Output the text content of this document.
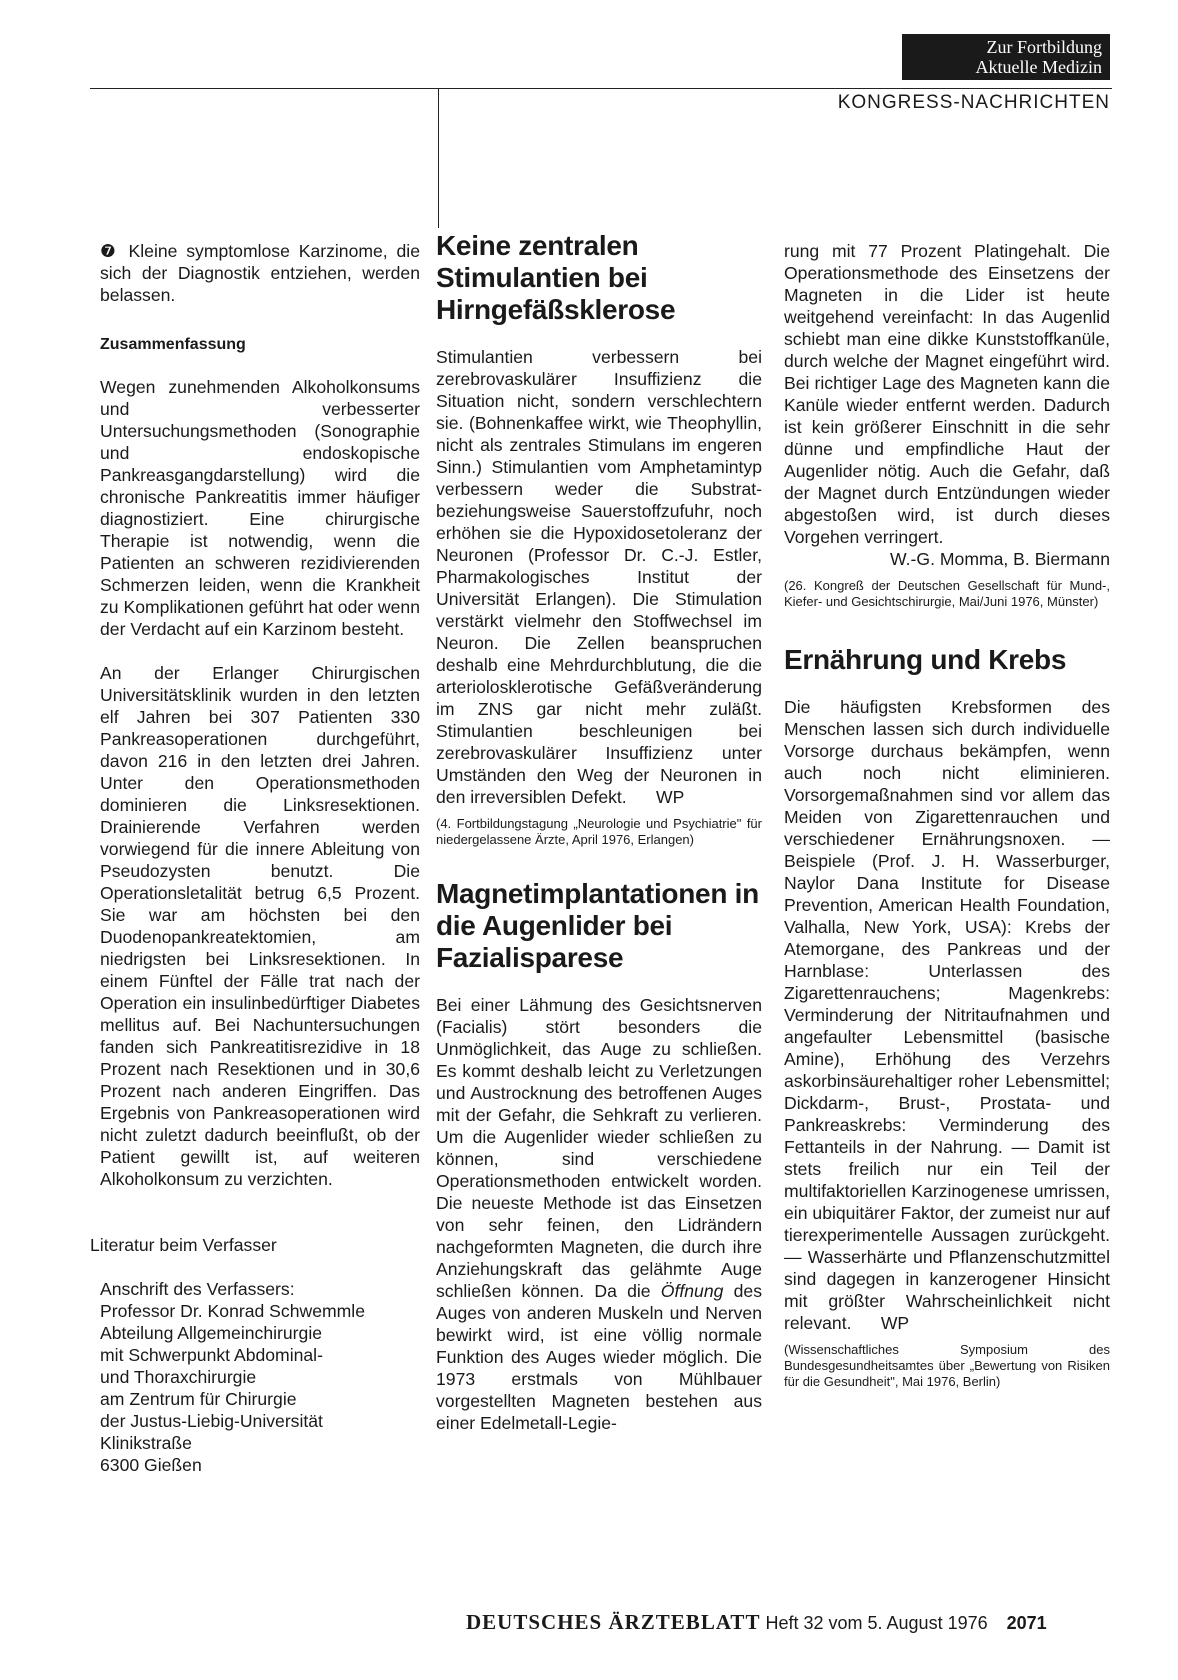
Zur Fortbildung
Aktuelle Medizin
KONGRESS-NACHRICHTEN

❼ Kleine symptomlose Karzinome, die sich der Diagnostik entziehen, werden belassen.

Zusammenfassung

Wegen zunehmenden Alkoholkonsums und verbesserter Untersuchungsmethoden (Sonographie und endoskopische Pankreasgangdarstellung) wird die chronische Pankreatitis immer häufiger diagnostiziert. Eine chirurgische Therapie ist notwendig, wenn die Patienten an schweren rezidivierenden Schmerzen leiden, wenn die Krankheit zu Komplikationen geführt hat oder wenn der Verdacht auf ein Karzinom besteht.

An der Erlanger Chirurgischen Universitätsklinik wurden in den letzten elf Jahren bei 307 Patienten 330 Pankreasoperationen durchgeführt, davon 216 in den letzten drei Jahren. Unter den Operationsmethoden dominieren die Linksresektionen. Drainierende Verfahren werden vorwiegend für die innere Ableitung von Pseudozysten benutzt. Die Operationsletalität betrug 6,5 Prozent. Sie war am höchsten bei den Duodenopankreatektomien, am niedrigsten bei Linksresektionen. In einem Fünftel der Fälle trat nach der Operation ein insulinbedürftiger Diabetes mellitus auf. Bei Nachuntersuchungen fanden sich Pankreatitisrezidive in 18 Prozent nach Resektionen und in 30,6 Prozent nach anderen Eingriffen. Das Ergebnis von Pankreasoperationen wird nicht zuletzt dadurch beeinflußt, ob der Patient gewillt ist, auf weiteren Alkoholkonsum zu verzichten.

Literatur beim Verfasser

Anschrift des Verfassers:

Professor Dr. Konrad Schwemmle

Abteilung Allgemeinchirurgie

mit Schwerpunkt Abdominal-

und Thoraxchirurgie

am Zentrum für Chirurgie

der Justus-Liebig-Universität

Klinikstraße

6300 Gießen

Keine zentralen Stimulantien bei Hirngefäßsklerose

Stimulantien verbessern bei zerebrovaskulärer Insuffizienz die Situation nicht, sondern verschlechtern sie. (Bohnenkaffee wirkt, wie Theophyllin, nicht als zentrales Stimulans im engeren Sinn.) Stimulantien vom Amphetamintyp verbessern weder die Substrat- beziehungsweise Sauerstoffzufuhr, noch erhöhen sie die Hypoxidosetoleranz der Neuronen (Professor Dr. C.-J. Estler, Pharmakologisches Institut der Universität Erlangen). Die Stimulation verstärkt vielmehr den Stoffwechsel im Neuron. Die Zellen beanspruchen deshalb eine Mehrdurchblutung, die die arteriolosklerotische Gefäßveränderung im ZNS gar nicht mehr zuläßt. Stimulantien beschleunigen bei zerebrovaskulärer Insuffizienz unter Umständen den Weg der Neuronen in den irreversiblen Defekt. WP

(4. Fortbildungstagung „Neurologie und Psychiatrie" für niedergelassene Ärzte, April 1976, Erlangen)

Magnetimplantationen in die Augenlider bei Fazialisparese

Bei einer Lähmung des Gesichtsnerven (Facialis) stört besonders die Unmöglichkeit, das Auge zu schließen. Es kommt deshalb leicht zu Verletzungen und Austrocknung des betroffenen Auges mit der Gefahr, die Sehkraft zu verlieren. Um die Augenlider wieder schließen zu können, sind verschiedene Operationsmethoden entwickelt worden. Die neueste Methode ist das Einsetzen von sehr feinen, den Lidrändern nachgeformten Magneten, die durch ihre Anziehungskraft das gelähmte Auge schließen können. Da die Öffnung des Auges von anderen Muskeln und Nerven bewirkt wird, ist eine völlig normale Funktion des Auges wieder möglich. Die 1973 erstmals von Mühlbauer vorgestellten Magneten bestehen aus einer Edelmetall-Legie-

rung mit 77 Prozent Platingehalt. Die Operationsmethode des Einsetzens der Magneten in die Lider ist heute weitgehend vereinfacht: In das Augenlid schiebt man eine dikke Kunststoffkanüle, durch welche der Magnet eingeführt wird. Bei richtiger Lage des Magneten kann die Kanüle wieder entfernt werden. Dadurch ist kein größerer Einschnitt in die sehr dünne und empfindliche Haut der Augenlider nötig. Auch die Gefahr, daß der Magnet durch Entzündungen wieder abgestoßen wird, ist durch dieses Vorgehen verringert.

W.-G. Momma, B. Biermann

(26. Kongreß der Deutschen Gesellschaft für Mund-, Kiefer- und Gesichtschirurgie, Mai/Juni 1976, Münster)

Ernährung und Krebs

Die häufigsten Krebsformen des Menschen lassen sich durch individuelle Vorsorge durchaus bekämpfen, wenn auch noch nicht eliminieren. Vorsorgemaßnahmen sind vor allem das Meiden von Zigarettenrauchen und verschiedener Ernährungsnoxen. — Beispiele (Prof. J. H. Wasserburger, Naylor Dana Institute for Disease Prevention, American Health Foundation, Valhalla, New York, USA): Krebs der Atemorgane, des Pankreas und der Harnblase: Unterlassen des Zigarettenrauchens; Magenkrebs: Verminderung der Nitritaufnahmen und angefaulter Lebensmittel (basische Amine), Erhöhung des Verzehrs askorbinsäurehaltiger roher Lebensmittel; Dickdarm-, Brust-, Prostata- und Pankreaskrebs: Verminderung des Fettanteils in der Nahrung. — Damit ist stets freilich nur ein Teil der multifaktoriellen Karzinogenese umrissen, ein ubiquitärer Faktor, der zumeist nur auf tierexperimentelle Aussagen zurückgeht. — Wasserhärte und Pflanzenschutzmittel sind dagegen in kanzerogener Hinsicht mit größter Wahrscheinlichkeit nicht relevant. WP

(Wissenschaftliches Symposium des Bundesgesundheitsamtes über „Bewertung von Risiken für die Gesundheit", Mai 1976, Berlin)

DEUTSCHES ÄRZTEBLATT Heft 32 vom 5. August 1976 2071
